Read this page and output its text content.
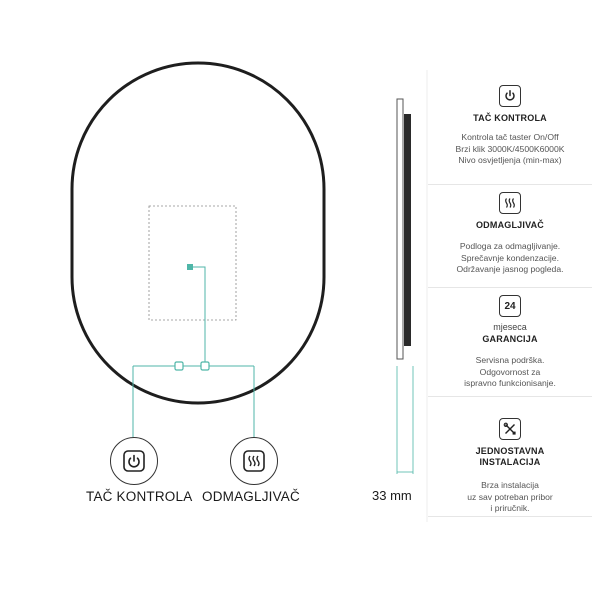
TAČ KONTROLA ODMAGLJIVAČ	33 mm
TAČ KONTROLA
Kontrola tač taster On/Off
Brzi klik 3000K/4500K6000K
Nivo osvjetljenja (min-max)
ODMAGLJIVAČ
Podloga za odmagljivanje.
Sprečavnje kondenzacije.
Održavanje jasnog pogleda.
24
mjeseca
GARANCIJA
Servisna podrška.
Odgovornost za
ispravno funkcionisanje.
JEDNOSTAVNA
INSTALACIJA
Brza instalacija
uz sav potreban pribor
i priručnik.
